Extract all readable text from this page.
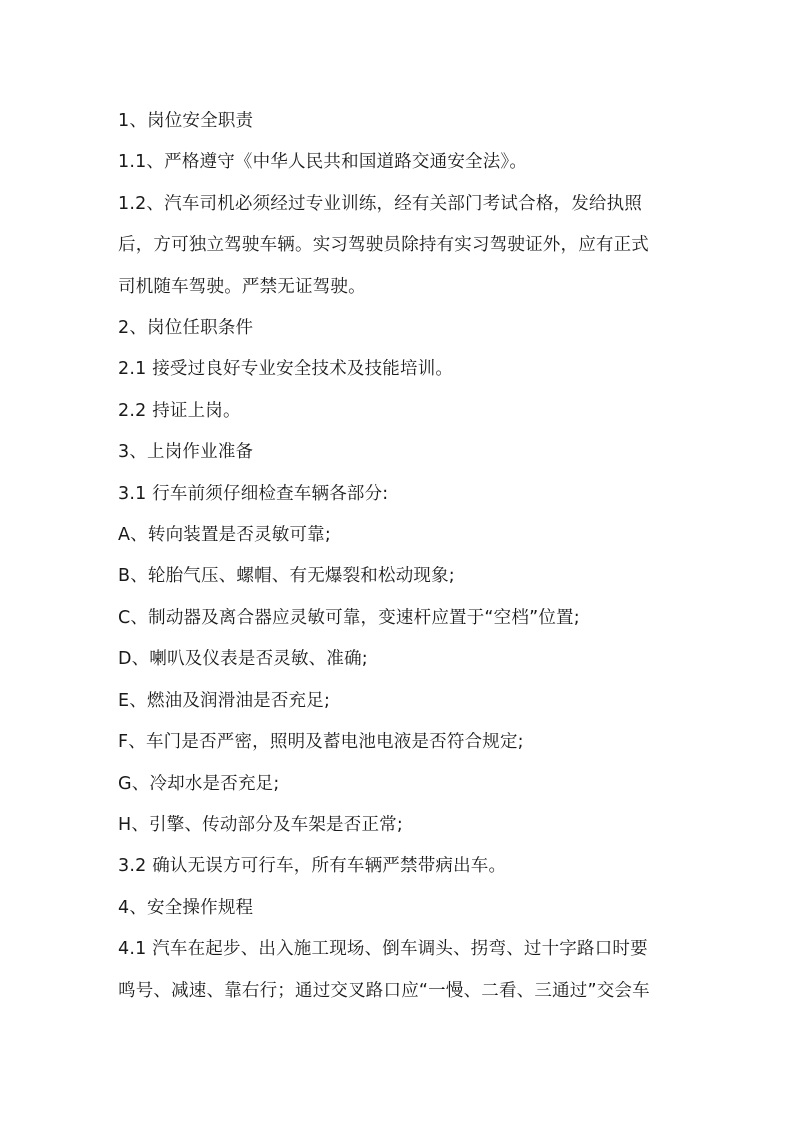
1、岗位安全职责

1.1、严格遵守《中华人民共和国道路交通安全法》。

1.2、汽车司机必须经过专业训练，经有关部门考试合格，发给执照

后，方可独立驾驶车辆。实习驾驶员除持有实习驾驶证外，应有正式

司机随车驾驶。严禁无证驾驶。

2、岗位任职条件

2.1 接受过良好专业安全技术及技能培训。

2.2 持证上岗。

3、上岗作业准备

3.1 行车前须仔细检查车辆各部分:

A、转向装置是否灵敏可靠;

B、轮胎气压、螺帽、有无爆裂和松动现象;

C、制动器及离合器应灵敏可靠，变速杆应置于“空档”位置;

D、喇叭及仪表是否灵敏、准确;

E、燃油及润滑油是否充足;

F、车门是否严密，照明及蓄电池电液是否符合规定;

G、冷却水是否充足;

H、引擎、传动部分及车架是否正常;

3.2 确认无误方可行车，所有车辆严禁带病出车。

4、安全操作规程

4.1 汽车在起步、出入施工现场、倒车调头、拐弯、过十字路口时要

鸣号、减速、靠右行；通过交叉路口应“一慢、二看、三通过”交会车
